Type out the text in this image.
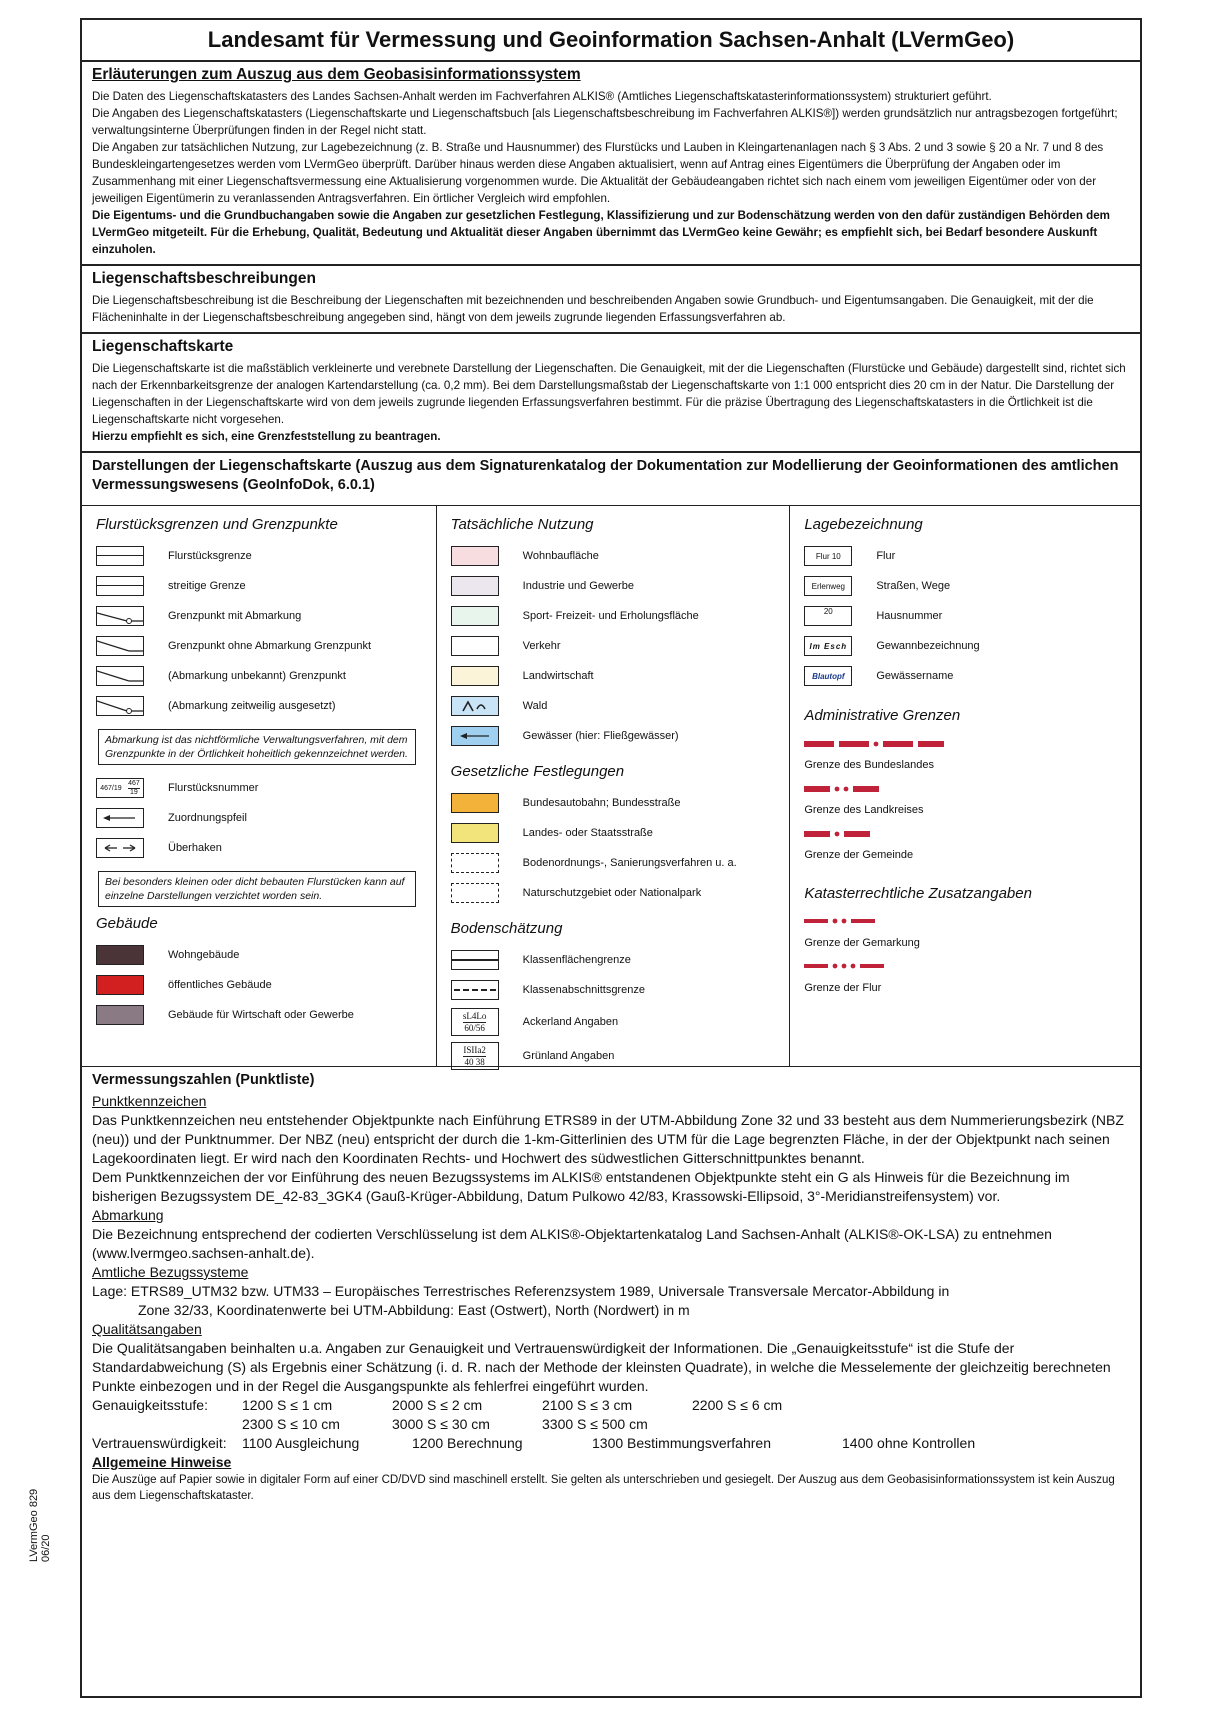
LVermGeo 829 06/20
Landesamt für Vermessung und Geoinformation Sachsen-Anhalt (LVermGeo)
Erläuterungen zum Auszug aus dem Geobasisinformationssystem
Die Daten des Liegenschaftskatasters des Landes Sachsen-Anhalt werden im Fachverfahren ALKIS® (Amtliches Liegenschaftskatasterinformationssystem) strukturiert geführt.
Die Angaben des Liegenschaftskatasters (Liegenschaftskarte und Liegenschaftsbuch [als Liegenschaftsbeschreibung im Fachverfahren ALKIS®]) werden grundsätzlich nur antragsbezogen fortgeführt; verwaltungsinterne Überprüfungen finden in der Regel nicht statt.
Die Angaben zur tatsächlichen Nutzung, zur Lagebezeichnung (z. B. Straße und Hausnummer) des Flurstücks und Lauben in Kleingartenanlagen nach § 3 Abs. 2 und 3 sowie § 20 a Nr. 7 und 8 des Bundeskleingartengesetzes werden vom LVermGeo überprüft. Darüber hinaus werden diese Angaben aktualisiert, wenn auf Antrag eines Eigentümers die Überprüfung der Angaben oder im Zusammenhang mit einer Liegenschaftsvermessung eine Aktualisierung vorgenommen wurde. Die Aktualität der Gebäudeangaben richtet sich nach einem vom jeweiligen Eigentümer oder von der jeweiligen Eigentümerin zu veranlassenden Antragsverfahren. Ein örtlicher Vergleich wird empfohlen.
Die Eigentums- und die Grundbuchangaben sowie die Angaben zur gesetzlichen Festlegung, Klassifizierung und zur Bodenschätzung werden von den dafür zuständigen Behörden dem LVermGeo mitgeteilt. Für die Erhebung, Qualität, Bedeutung und Aktualität dieser Angaben übernimmt das LVermGeo keine Gewähr; es empfiehlt sich, bei Bedarf besondere Auskunft einzuholen.
Liegenschaftsbeschreibungen
Die Liegenschaftsbeschreibung ist die Beschreibung der Liegenschaften mit bezeichnenden und beschreibenden Angaben sowie Grundbuch- und Eigentumsangaben. Die Genauigkeit, mit der die Flächeninhalte in der Liegenschaftsbeschreibung angegeben sind, hängt von dem jeweils zugrunde liegenden Erfassungsverfahren ab.
Liegenschaftskarte
Die Liegenschaftskarte ist die maßstäblich verkleinerte und verebnete Darstellung der Liegenschaften. Die Genauigkeit, mit der die Liegenschaften (Flurstücke und Gebäude) dargestellt sind, richtet sich nach der Erkennbarkeitsgrenze der analogen Kartendarstellung (ca. 0,2 mm). Bei dem Darstellungsmaßstab der Liegenschaftskarte von 1:1 000 entspricht dies 20 cm in der Natur. Die Darstellung der Liegenschaften in der Liegenschaftskarte wird von dem jeweils zugrunde liegenden Erfassungsverfahren bestimmt. Für die präzise Übertragung des Liegenschaftskatasters in die Örtlichkeit ist die Liegenschaftskarte nicht vorgesehen.
Hierzu empfiehlt es sich, eine Grenzfeststellung zu beantragen.
Darstellungen der Liegenschaftskarte (Auszug aus dem Signaturenkatalog der Dokumentation zur Modellierung der Geoinformationen des amtlichen Vermessungswesens (GeoInfoDok, 6.0.1)
Flurstücksgrenzen und Grenzpunkte
Flurstücksgrenze
streitige Grenze
Grenzpunkt mit Abmarkung
Grenzpunkt ohne Abmarkung Grenzpunkt
(Abmarkung unbekannt) Grenzpunkt
(Abmarkung zeitweilig ausgesetzt)
Abmarkung ist das nichtförmliche Verwaltungsverfahren, mit dem Grenzpunkte in der Örtlichkeit hoheitlich gekennzeichnet werden.
467/19
467
19	Flurstücksnummer
Zuordnungspfeil
Überhaken
Bei besonders kleinen oder dicht bebauten Flurstücken kann auf einzelne Darstellungen verzichtet worden sein.
Gebäude
Wohngebäude
öffentliches Gebäude
Gebäude für Wirtschaft oder Gewerbe
Tatsächliche Nutzung
Wohnbaufläche
Industrie und Gewerbe
Sport- Freizeit- und Erholungsfläche
Verkehr
Landwirtschaft
Wald
Gewässer (hier: Fließgewässer)
Gesetzliche Festlegungen
Bundesautobahn; Bundesstraße
Landes- oder Staatsstraße
Bodenordnungs-, Sanierungsverfahren u. a.
Naturschutzgebiet oder Nationalpark
Bodenschätzung
Klassenflächengrenze
Klassenabschnittsgrenze
sL4Lo
60/56	Ackerland Angaben
ISIIa2
40 38	Grünland Angaben
Lagebezeichnung
Flur 10	Flur
Erlenweg	Straßen, Wege
20	Hausnummer
Im Esch	Gewannbezeichnung
Blautopf	Gewässername
Administrative Grenzen
Grenze des Bundeslandes
Grenze des Landkreises
Grenze der Gemeinde
Katasterrechtliche Zusatzangaben
Grenze der Gemarkung
Grenze der Flur
Vermessungszahlen (Punktliste)
Punktkennzeichen
Das Punktkennzeichen neu entstehender Objektpunkte nach Einführung ETRS89 in der UTM-Abbildung Zone 32 und 33 besteht aus dem Nummerierungsbezirk (NBZ (neu)) und der Punktnummer. Der NBZ (neu) entspricht der durch die 1-km-Gitterlinien des UTM für die Lage begrenzten Fläche, in der der Objektpunkt nach seinen Lagekoordinaten liegt. Er wird nach den Koordinaten Rechts- und Hochwert des südwestlichen Gitterschnittpunktes benannt.
Dem Punktkennzeichen der vor Einführung des neuen Bezugssystems im ALKIS® entstandenen Objektpunkte steht ein G als Hinweis für die Bezeichnung im bisherigen Bezugssystem DE_42-83_3GK4 (Gauß-Krüger-Abbildung, Datum Pulkowo 42/83, Krassowski-Ellipsoid, 3°-Meridianstreifensystem) vor.
Abmarkung
Die Bezeichnung entsprechend der codierten Verschlüsselung ist dem ALKIS®-Objektartenkatalog Land Sachsen-Anhalt (ALKIS®-OK-LSA) zu entnehmen (www.lvermgeo.sachsen-anhalt.de).
Amtliche Bezugssysteme
Lage: ETRS89_UTM32 bzw. UTM33 – Europäisches Terrestrisches Referenzsystem 1989, Universale Transversale Mercator-Abbildung in
Zone 32/33, Koordinatenwerte bei UTM-Abbildung: East (Ostwert), North (Nordwert) in m
Qualitätsangaben
Die Qualitätsangaben beinhalten u.a. Angaben zur Genauigkeit und Vertrauenswürdigkeit der Informationen. Die „Genauigkeitsstufe“ ist die Stufe der Standardabweichung (S) als Ergebnis einer Schätzung (i. d. R. nach der Methode der kleinsten Quadrate), in welche die Messelemente der gleichzeitig berechneten Punkte einbezogen und in der Regel die Ausgangspunkte als fehlerfrei eingeführt wurden.
Genauigkeitsstufe:	1200 S ≤ 1 cm	2000 S ≤ 2 cm	2100 S ≤ 3 cm	2200 S ≤ 6 cm
2300 S ≤ 10 cm	3000 S ≤ 30 cm	3300 S ≤ 500 cm
Vertrauenswürdigkeit:	1100 Ausgleichung	1200 Berechnung	1300 Bestimmungsverfahren	1400 ohne Kontrollen
Allgemeine Hinweise
Die Auszüge auf Papier sowie in digitaler Form auf einer CD/DVD sind maschinell erstellt. Sie gelten als unterschrieben und gesiegelt. Der Auszug aus dem Geobasisinformationssystem ist kein Auszug aus dem Liegenschaftskataster.
